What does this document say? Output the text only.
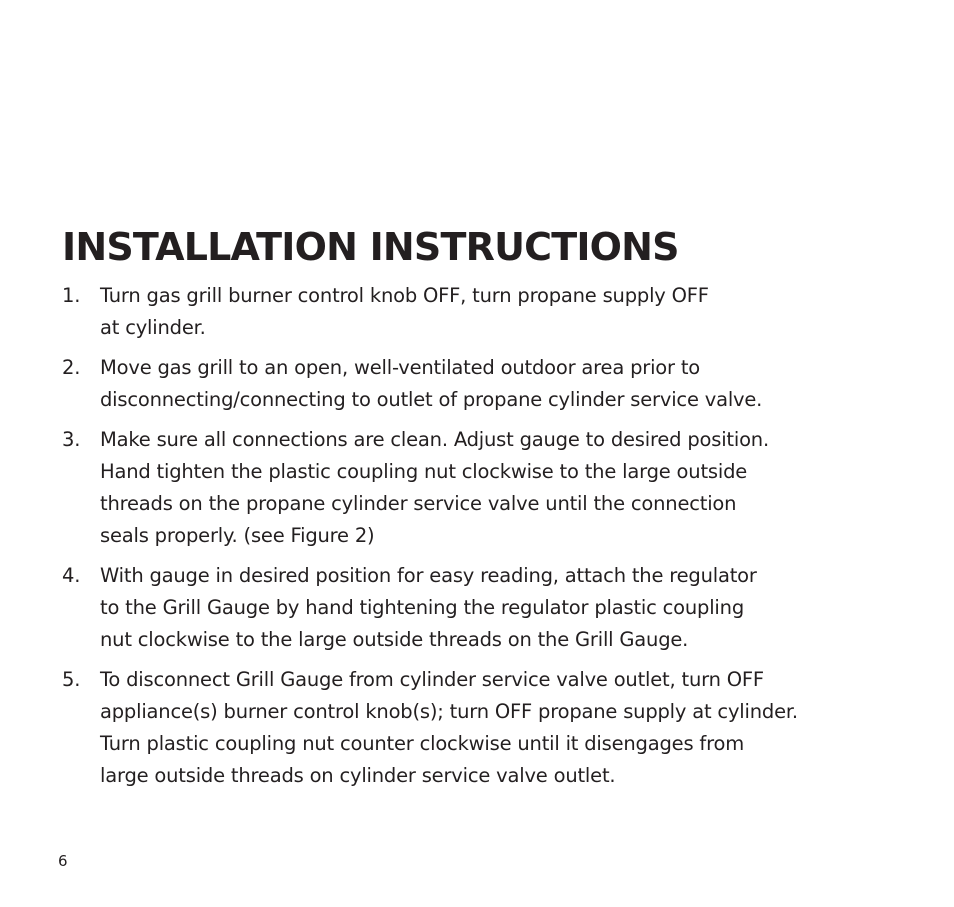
INSTALLATION INSTRUCTIONS
1. Turn gas grill burner control knob OFF, turn propane supply OFF
at cylinder.
2. Move gas grill to an open, well-ventilated outdoor area prior to
disconnecting/connecting to outlet of propane cylinder service valve.
3. Make sure all connections are clean. Adjust gauge to desired position.
Hand tighten the plastic coupling nut clockwise to the large outside
threads on the propane cylinder service valve until the connection
seals properly. (see Figure 2)
4. With gauge in desired position for easy reading, attach the regulator
to the Grill Gauge by hand tightening the regulator plastic coupling
nut clockwise to the large outside threads on the Grill Gauge.
5. To disconnect Grill Gauge from cylinder service valve outlet, turn OFF
appliance(s) burner control knob(s); turn OFF propane supply at cylinder.
Turn plastic coupling nut counter clockwise until it disengages from
large outside threads on cylinder service valve outlet.
6
